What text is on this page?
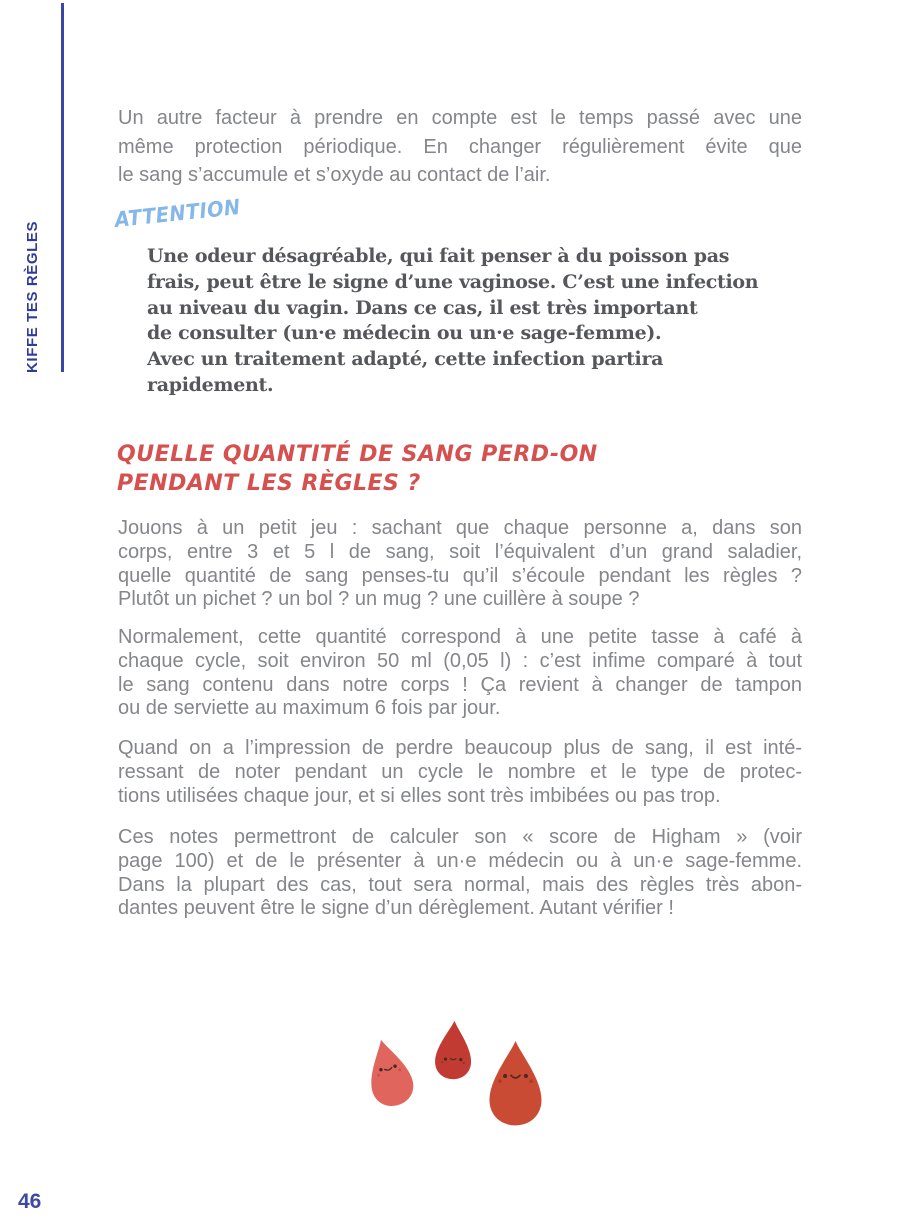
KIFFE TES RÈGLES
Un autre facteur à prendre en compte est le temps passé avec une
même protection périodique. En changer régulièrement évite que
le sang s’accumule et s’oxyde au contact de l’air.
ATTENTION
Une odeur désagréable, qui fait penser à du poisson pas
frais, peut être le signe d’une vaginose. C’est une infection
au niveau du vagin. Dans ce cas, il est très important
de consulter (un·e médecin ou un·e sage-femme).
Avec un traitement adapté, cette infection partira
rapidement.
QUELLE QUANTITÉ DE SANG PERD-ON
PENDANT LES RÈGLES ?
Jouons à un petit jeu : sachant que chaque personne a, dans son
corps, entre 3 et 5 l de sang, soit l’équivalent d’un grand saladier,
quelle quantité de sang penses-tu qu’il s’écoule pendant les règles ?
Plutôt un pichet ? un bol ? un mug ? une cuillère à soupe ?
Normalement, cette quantité correspond à une petite tasse à café à
chaque cycle, soit environ 50 ml (0,05 l) : c’est infime comparé à tout
le sang contenu dans notre corps ! Ça revient à changer de tampon
ou de serviette au maximum 6 fois par jour.
Quand on a l’impression de perdre beaucoup plus de sang, il est inté-
ressant de noter pendant un cycle le nombre et le type de protec-
tions utilisées chaque jour, et si elles sont très imbibées ou pas trop.
Ces notes permettront de calculer son « score de Higham » (voir
page 100) et de le présenter à un·e médecin ou à un·e sage-femme.
Dans la plupart des cas, tout sera normal, mais des règles très abon-
dantes peuvent être le signe d’un dérèglement. Autant vérifier !
46
